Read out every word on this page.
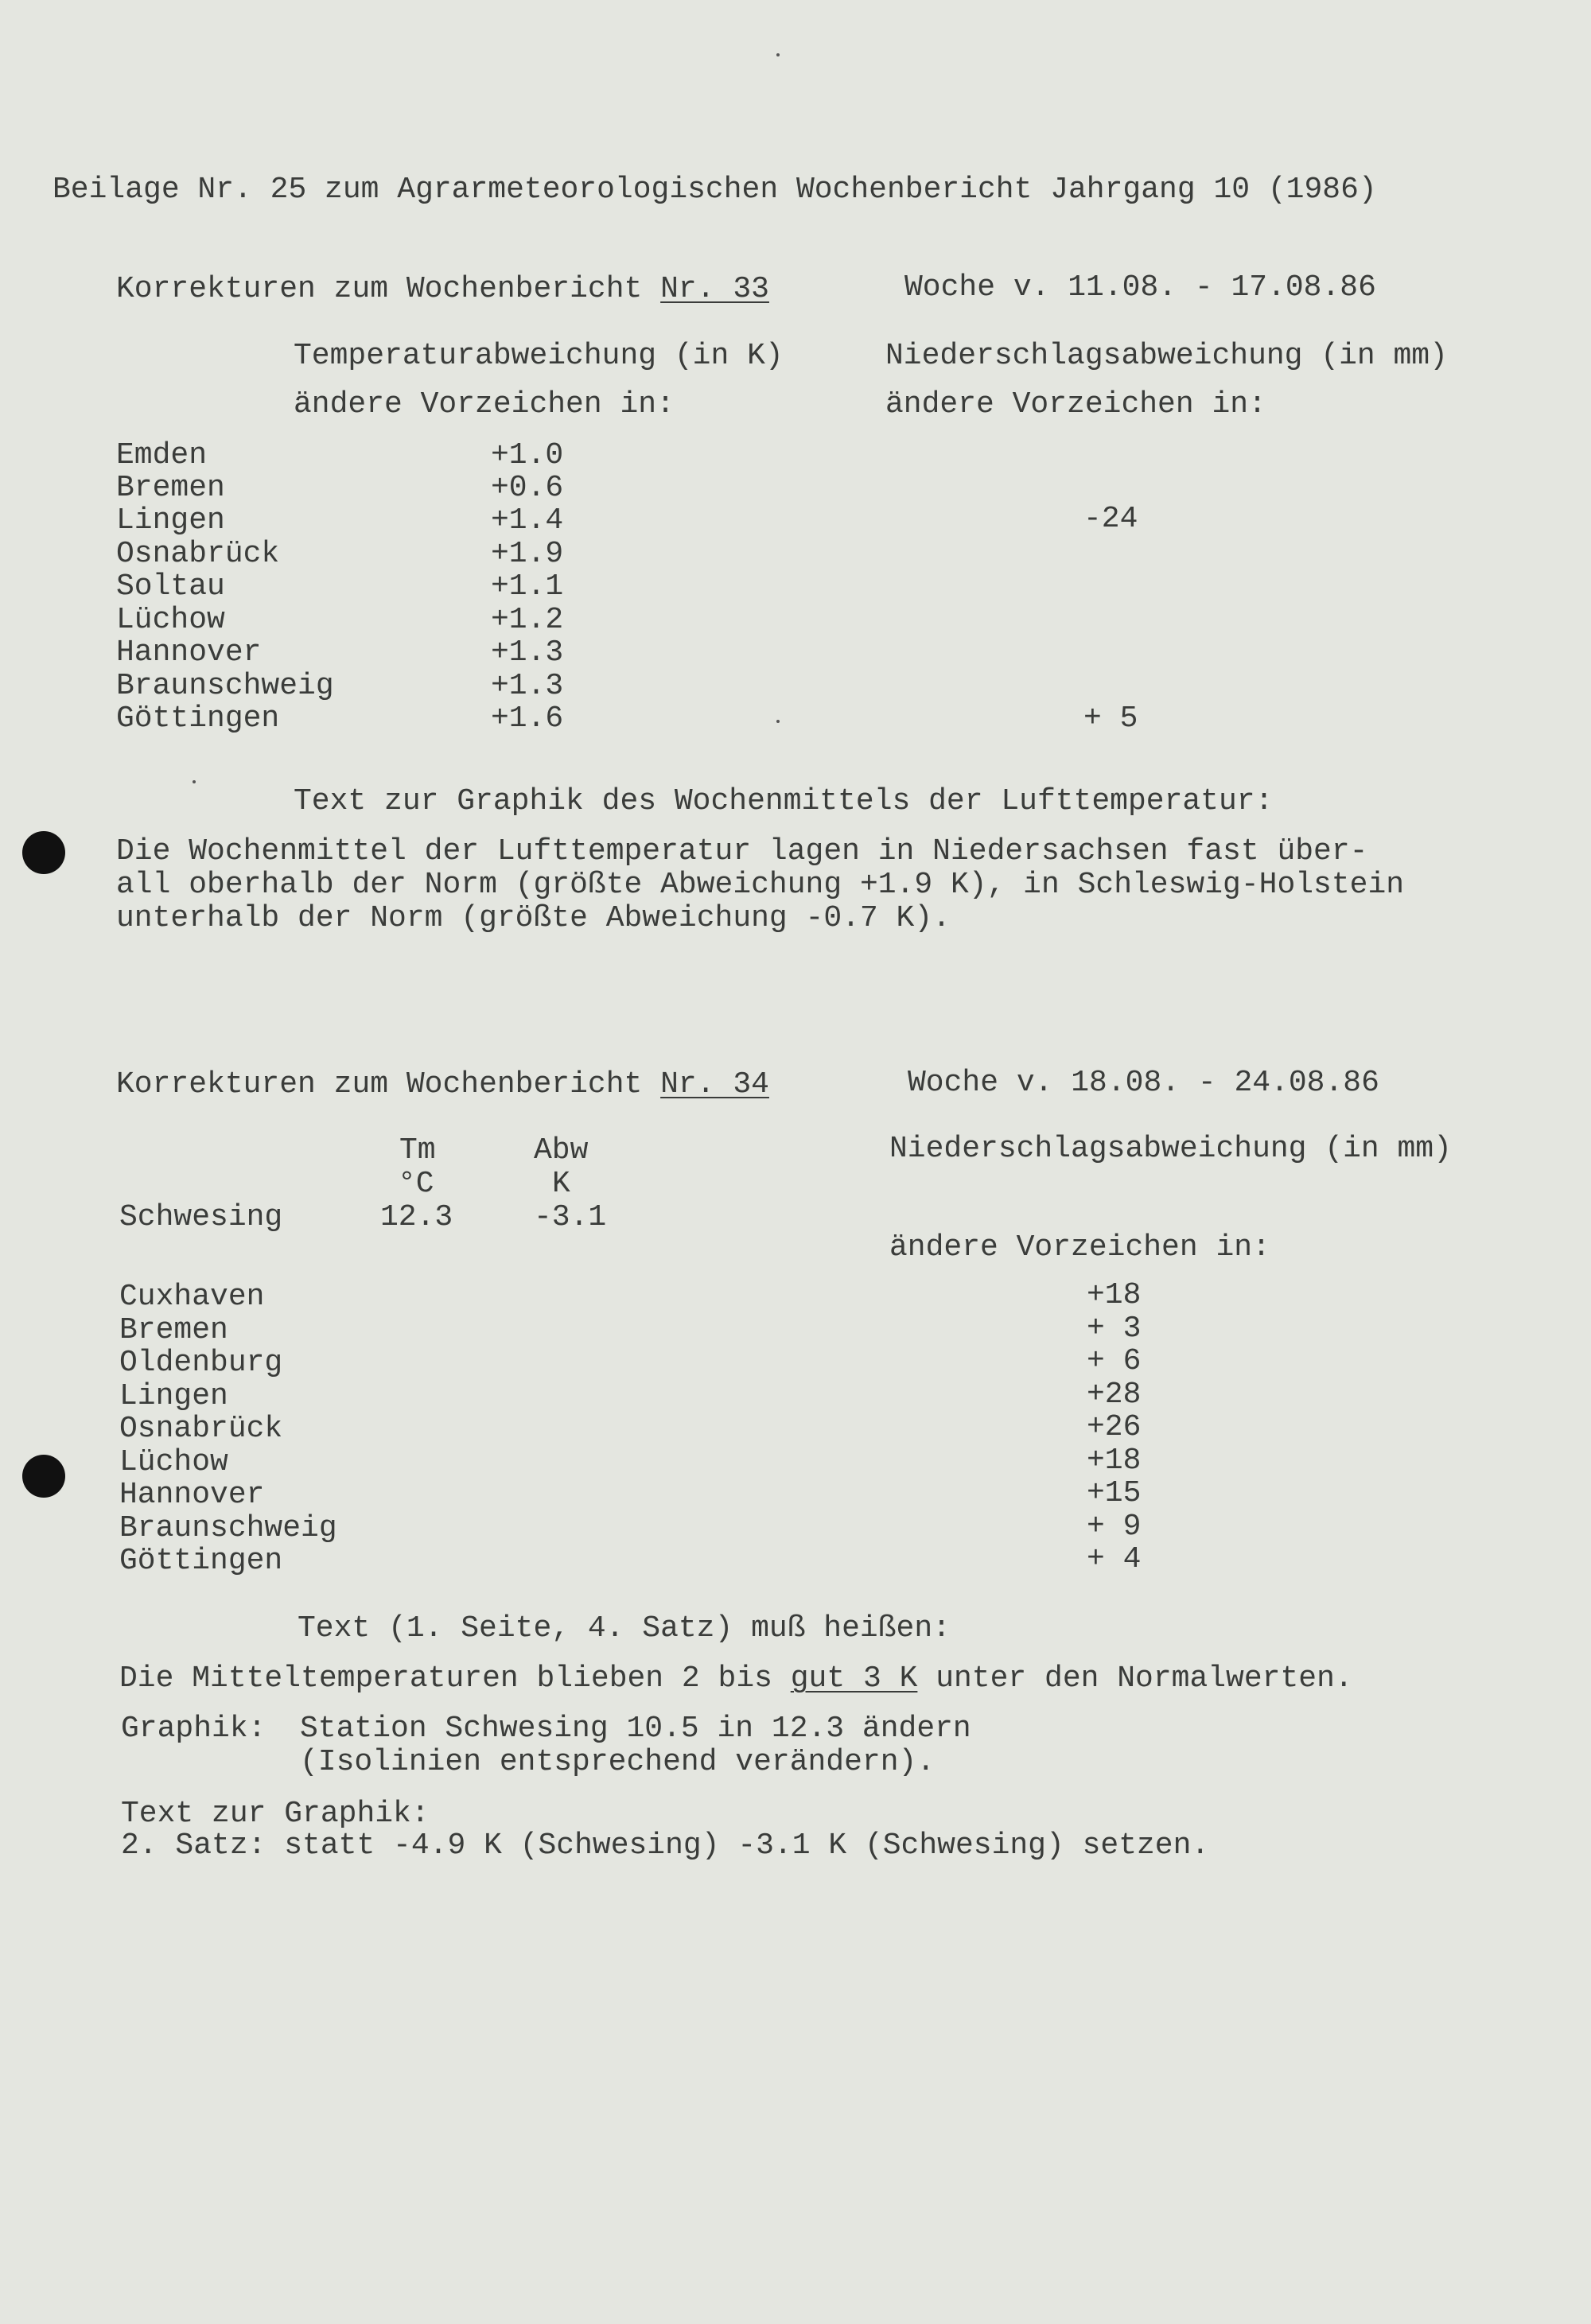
Beilage Nr. 25 zum Agrarmeteorologischen Wochenbericht Jahrgang 10 (1986)

Korrekturen zum Wochenbericht Nr. 33	Woche v. 11.08. - 17.08.86

Temperaturabweichung (in K)	Niederschlagsabweichung (in mm)

ändere Vorzeichen in:	ändere Vorzeichen in:

Emden	+1.0

Bremen	+0.6

Lingen	+1.4	-24

Osnabrück	+1.9

Soltau	+1.1

Lüchow	+1.2

Hannover	+1.3

Braunschweig	+1.3

Göttingen	+1.6	+ 5

Text zur Graphik des Wochenmittels der Lufttemperatur:

Die Wochenmittel der Lufttemperatur lagen in Niedersachsen fast über-

all oberhalb der Norm (größte Abweichung +1.9 K), in Schleswig-Holstein

unterhalb der Norm (größte Abweichung -0.7 K).

Korrekturen zum Wochenbericht Nr. 34	Woche v. 18.08. - 24.08.86

Tm

°C

Abw

K

Niederschlagsabweichung (in mm)

Schwesing	12.3	-3.1

ändere Vorzeichen in:

Cuxhaven	+18

Bremen	+ 3

Oldenburg	+ 6

Lingen	+28

Osnabrück	+26

Lüchow	+18

Hannover	+15

Braunschweig	+ 9

Göttingen	+ 4

Text (1. Seite, 4. Satz) muß heißen:

Die Mitteltemperaturen blieben 2 bis gut 3 K unter den Normalwerten.

Graphik: Station Schwesing 10.5 in 12.3 ändern

(Isolinien entsprechend verändern).

Text zur Graphik:

2. Satz: statt -4.9 K (Schwesing) -3.1 K (Schwesing) setzen.
